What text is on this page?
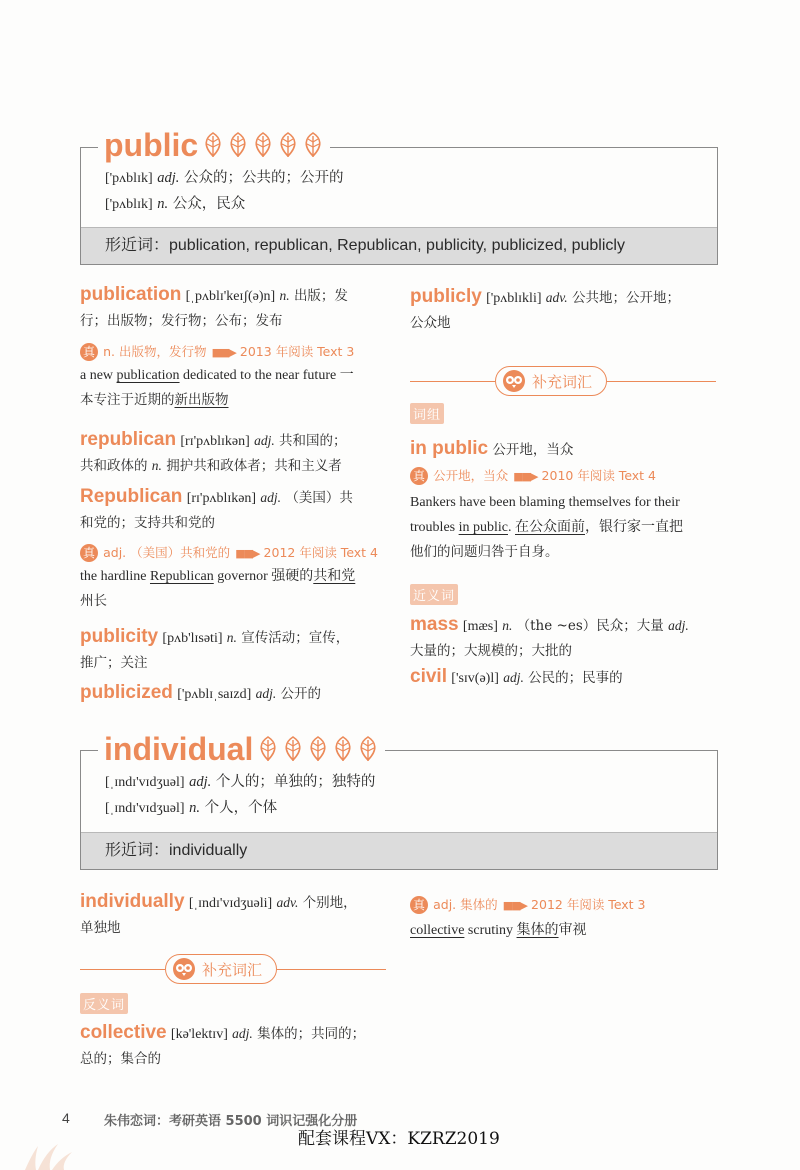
形近词：publication, republican, Republican, publicity, publicized, publicly
public
['pʌblɪk] adj. 公众的；公共的；公开的
['pʌblɪk] n. 公众，民众
publication [ˌpʌblɪ'keɪʃ(ə)n] n. 出版；发
行；出版物；发行物；公布；发布
真 n. 出版物，发行物 ■■▶ 2013 年阅读 Text 3
a new publication dedicated to the near future 一
本专注于近期的新出版物
republican [rɪ'pʌblɪkən] adj. 共和国的；
共和政体的 n. 拥护共和政体者；共和主义者
Republican [rɪ'pʌblɪkən] adj. （美国）共
和党的；支持共和党的
真 adj. （美国）共和党的 ■■▶ 2012 年阅读 Text 4
the hardline Republican governor 强硬的共和党
州长
publicity [pʌb'lɪsəti] n. 宣传活动；宣传，
推广；关注
publicized ['pʌblɪˌsaɪzd] adj. 公开的
publicly ['pʌblɪkli] adv. 公共地；公开地；
公众地
补充词汇
词组
in public 公开地，当众
真 公开地，当众 ■■▶ 2010 年阅读 Text 4
Bankers have been blaming themselves for their
troubles in public. 在公众面前，银行家一直把
他们的问题归咎于自身。
近义词
mass [mæs] n. （the ~es）民众；大量 adj.
大量的；大规模的；大批的
civil ['sɪv(ə)l] adj. 公民的；民事的
形近词：individually
individual
[ˌɪndɪ'vɪdʒuəl] adj. 个人的；单独的；独特的
[ˌɪndɪ'vɪdʒuəl] n. 个人，个体
individually [ˌɪndɪ'vɪdʒuəli] adv. 个别地，
单独地
补充词汇
反义词
collective [kə'lektɪv] adj. 集体的；共同的；
总的；集合的
真 adj. 集体的 ■■▶ 2012 年阅读 Text 3
collective scrutiny 集体的审视
4	朱伟恋词：考研英语 5500 词识记强化分册
配套课程VX：KZRZ2019
